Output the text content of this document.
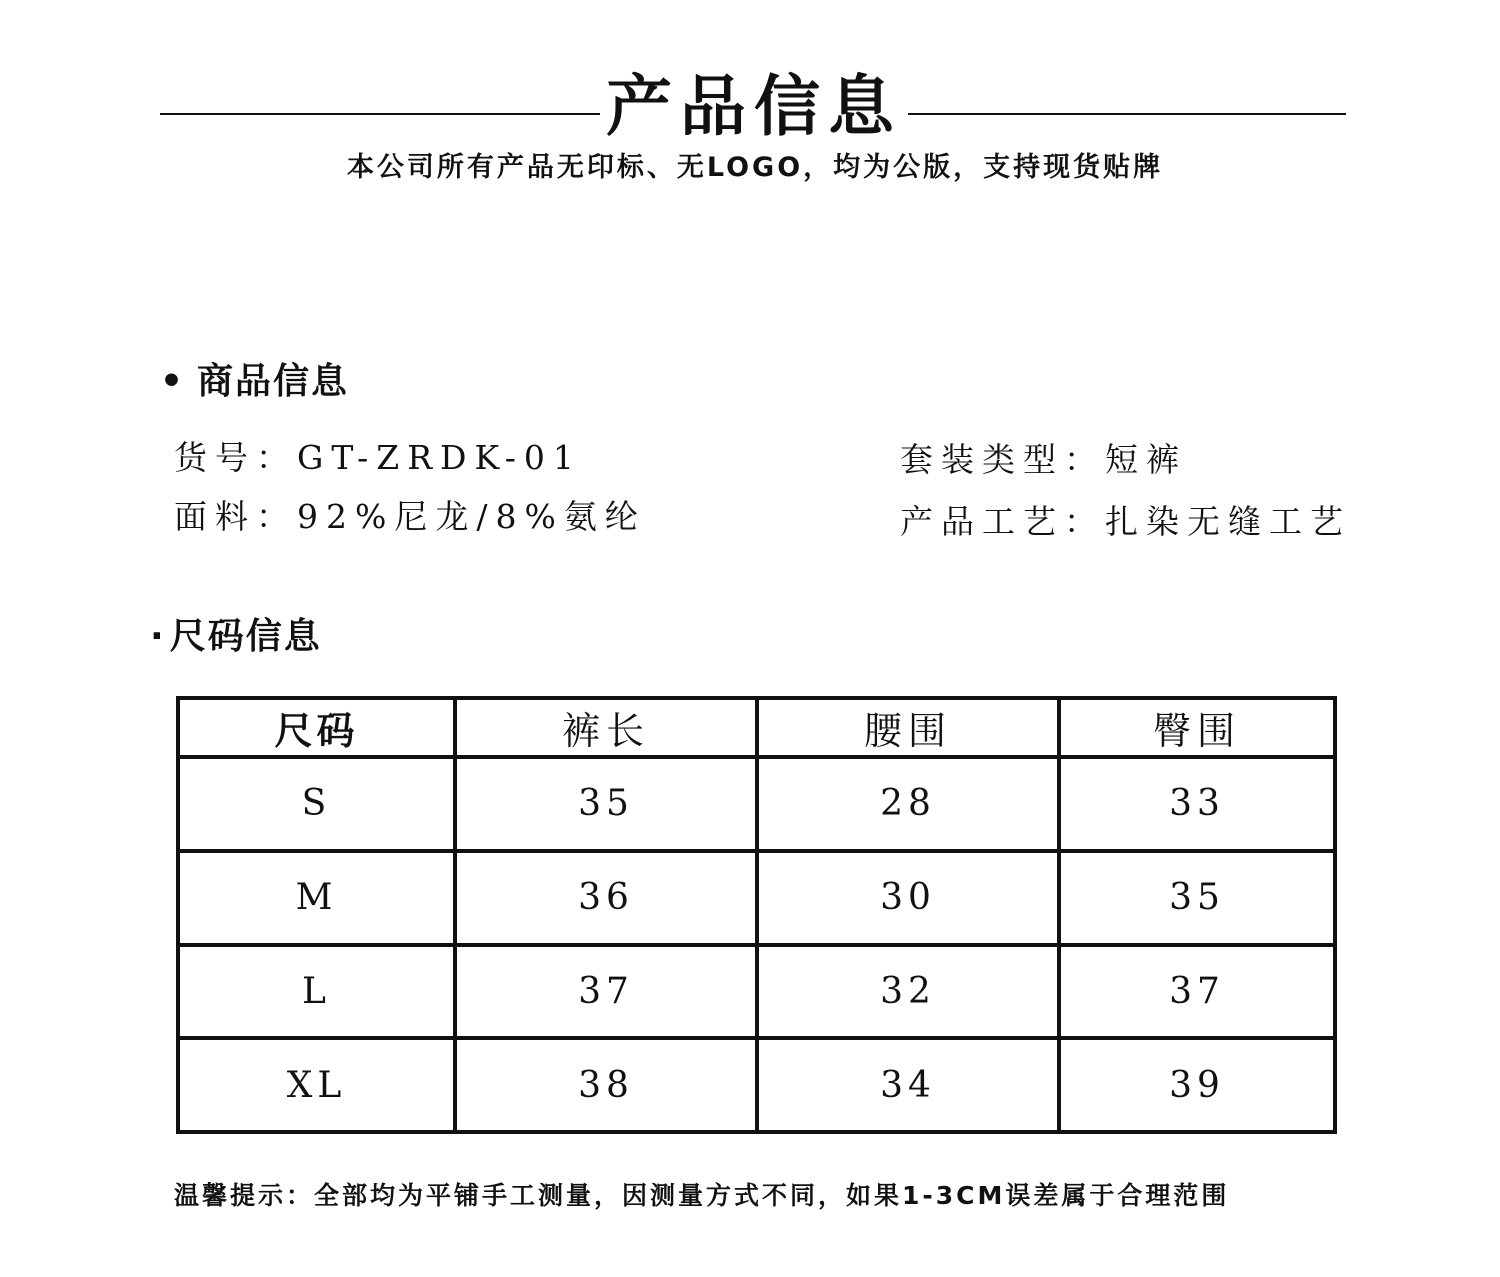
产品信息
本公司所有产品无印标、无LOGO，均为公版，支持现货贴牌
• 商品信息
货号：GT-ZRDK-01
面料：92%尼龙/8%氨纶
套装类型：短裤
产品工艺：扎染无缝工艺
· 尺码信息
尺码	裤长	腰围	臀围
S	35	28	33
M	36	30	35
L	37	32	37
XL	38	34	39
温馨提示：全部均为平铺手工测量，因测量方式不同，如果1-3CM误差属于合理范围
